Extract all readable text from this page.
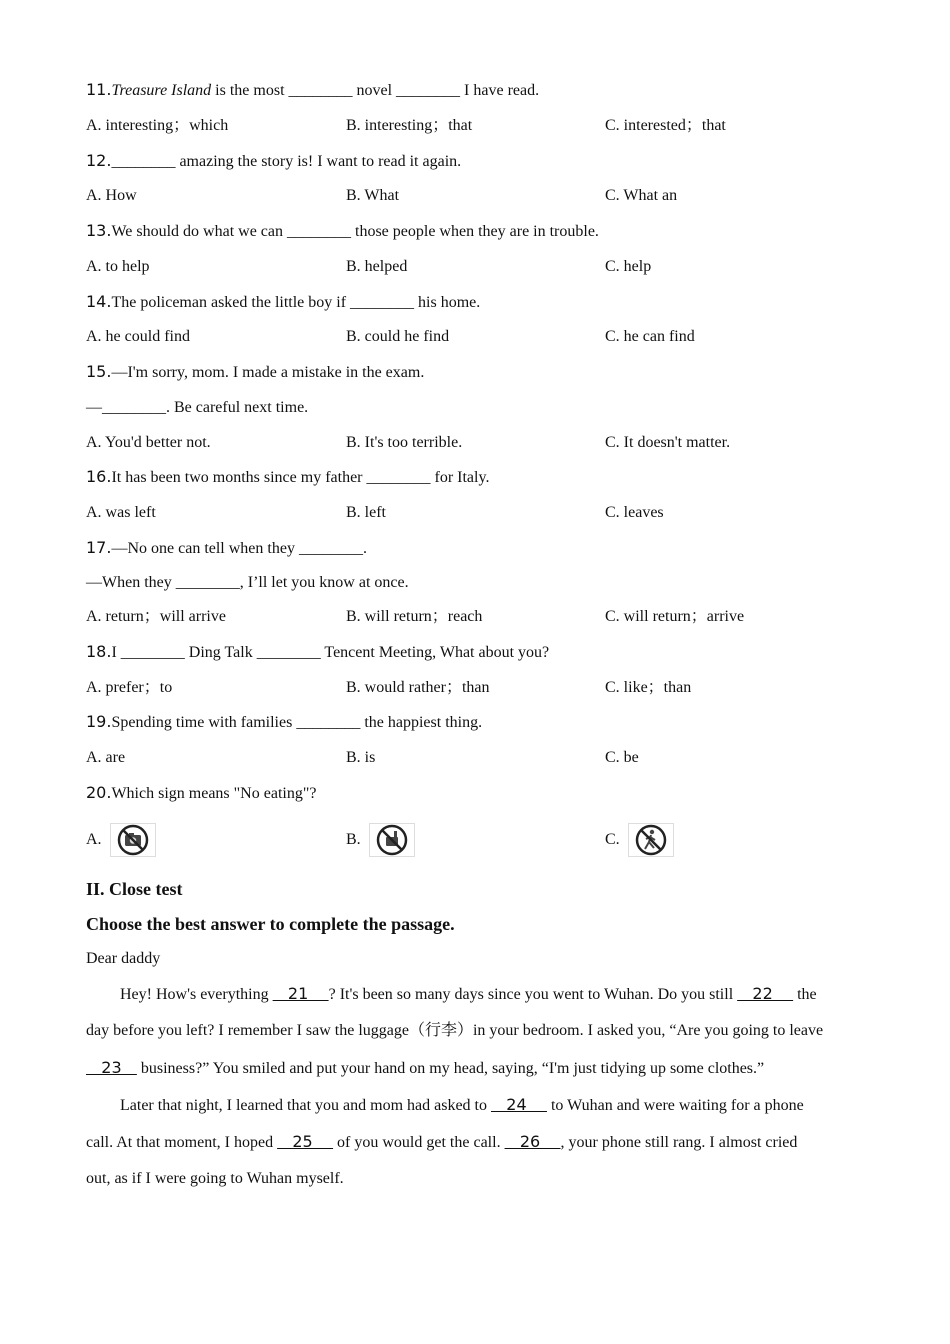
11.Treasure Island is the most ________ novel ________ I have read.
A. interesting；which	B. interesting；that	C. interested；that
12.________ amazing the story is! I want to read it again.
A. How	B. What	C. What an
13.We should do what we can ________ those people when they are in trouble.
A. to help	B. helped	C. help
14.The policeman asked the little boy if ________ his home.
A. he could find	B. could he find	C. he can find
15.—I'm sorry, mom. I made a mistake in the exam.
—________. Be careful next time.
A. You'd better not.	B. It's too terrible.	C. It doesn't matter.
16.It has been two months since my father ________ for Italy.
A. was left	B. left	C. leaves
17.—No one can tell when they ________.
—When they ________, I’ll let you know at once.
A. return；will arrive	B. will return；reach	C. will return；arrive
18.I ________ Ding Talk ________ Tencent Meeting, What about you?
A. prefer；to	B. would rather；than	C. like；than
19.Spending time with families ________ the happiest thing.
A. are	B. is	C. be
20.Which sign means "No eating"?
A.	B.	C.
II. Close test
Choose the best answer to complete the passage.
Dear daddy
Hey! How's everything    21    ? It's been so many days since you went to Wuhan. Do you still    22     the
day before you left? I remember I saw the luggage（行李）in your bedroom. I asked you, “Are you going to leave
23    business?” You smiled and put your hand on my head, saying, “I'm just tidying up some clothes.”
Later that night, I learned that you and mom had asked to    24     to Wuhan and were waiting for a phone
call. At that moment, I hoped    25     of you would get the call.    26    , your phone still rang. I almost cried
out, as if I were going to Wuhan myself.
